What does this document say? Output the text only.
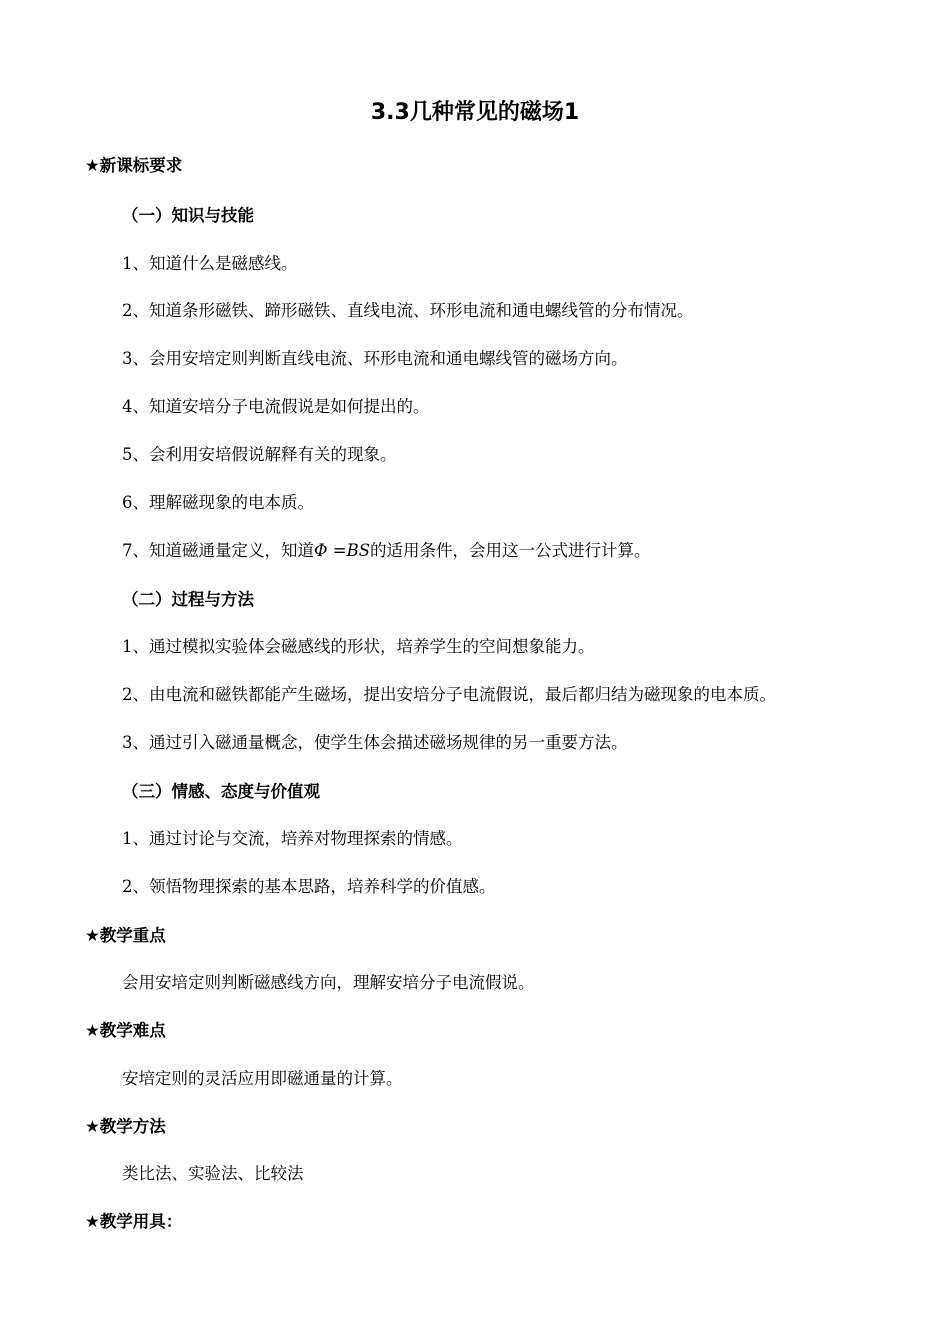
3.3几种常见的磁场1
★新课标要求
（一）知识与技能
1、知道什么是磁感线。
2、知道条形磁铁、蹄形磁铁、直线电流、环形电流和通电螺线管的分布情况。
3、会用安培定则判断直线电流、环形电流和通电螺线管的磁场方向。
4、知道安培分子电流假说是如何提出的。
5、会利用安培假说解释有关的现象。
6、理解磁现象的电本质。
7、知道磁通量定义，知道Φ =BS的适用条件，会用这一公式进行计算。
（二）过程与方法
1、通过模拟实验体会磁感线的形状，培养学生的空间想象能力。
2、由电流和磁铁都能产生磁场，提出安培分子电流假说，最后都归结为磁现象的电本质。
3、通过引入磁通量概念，使学生体会描述磁场规律的另一重要方法。
（三）情感、态度与价值观
1、通过讨论与交流，培养对物理探索的情感。
2、领悟物理探索的基本思路，培养科学的价值感。
★教学重点
会用安培定则判断磁感线方向，理解安培分子电流假说。
★教学难点
安培定则的灵活应用即磁通量的计算。
★教学方法
类比法、实验法、比较法
★教学用具：
